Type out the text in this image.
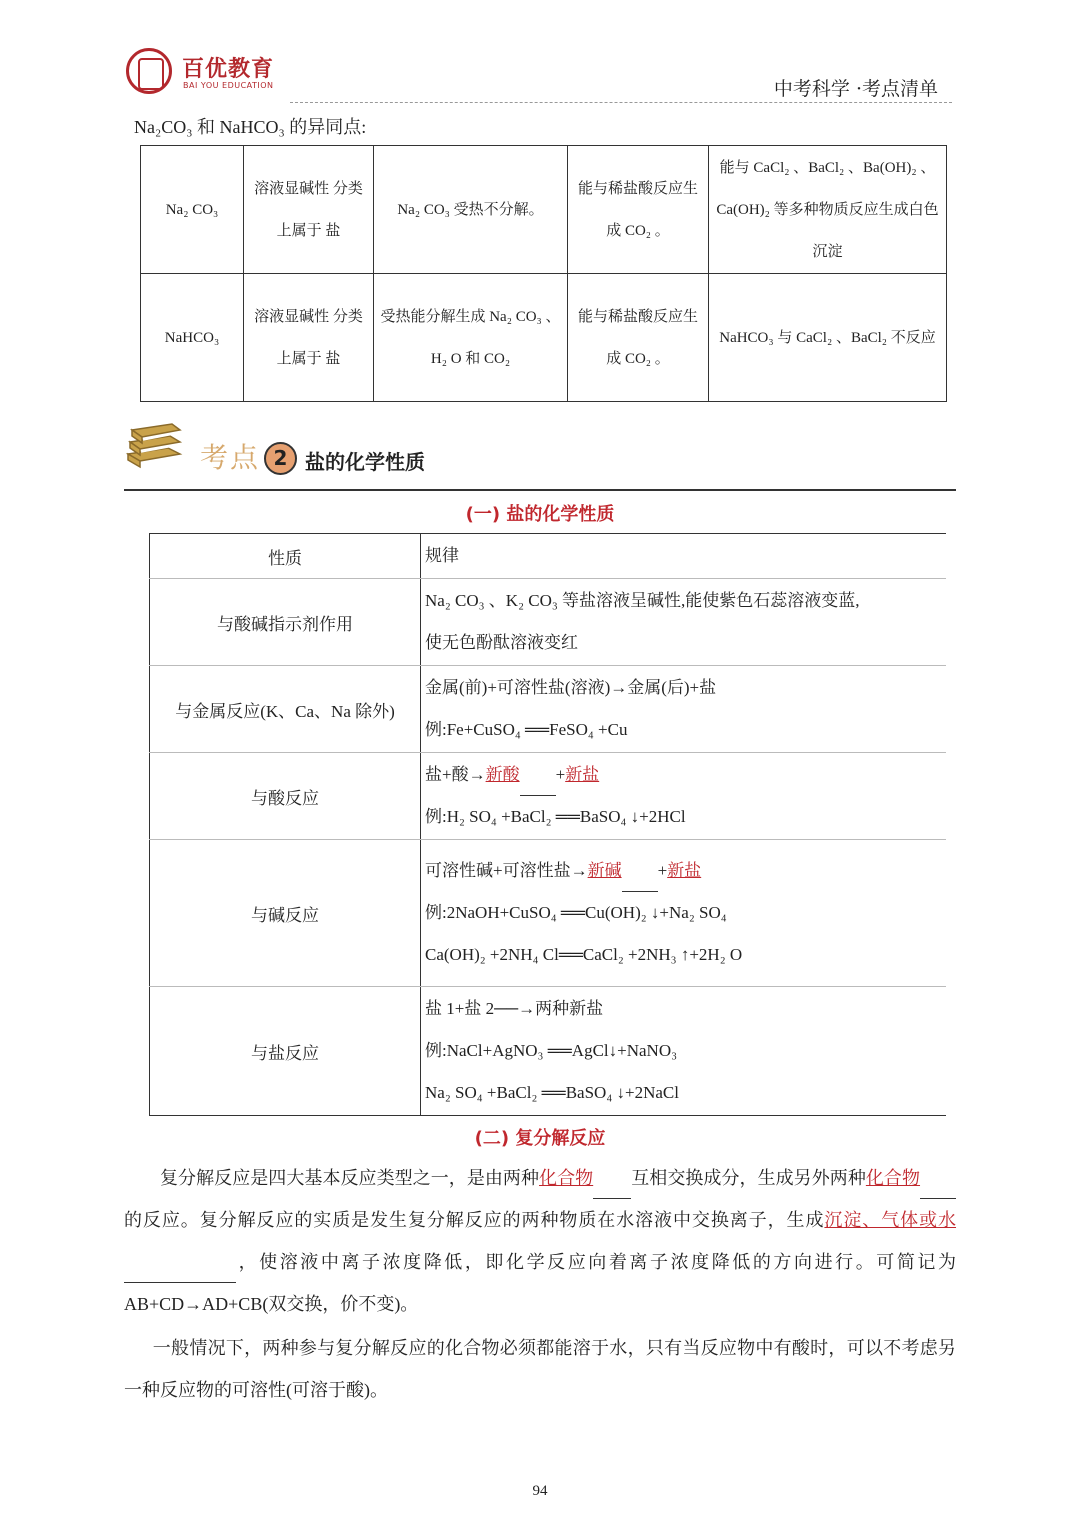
百优教育
BAI YOU EDUCATION	中考科学 ·考点清单
Na₂CO₃ 和 NaHCO₃ 的异同点:
Na₂ CO₃	溶液显碱性 分类上属于 盐	Na₂ CO₃ 受热不分解。	能与稀盐酸反应生成 CO₂ 。	能与 CaCl₂ 、BaCl₂ 、Ba(OH)₂ 、Ca(OH)₂ 等多种物质反应生成白色沉淀
NaHCO₃	溶液显碱性 分类上属于 盐	受热能分解生成 Na₂ CO₃ 、H₂ O 和 CO₂	能与稀盐酸反应生成 CO₂ 。	NaHCO₃ 与 CaCl₂ 、BaCl₂ 不反应
考点 2 盐的化学性质
(一) 盐的化学性质
性质	规律
与酸碱指示剂作用	Na₂ CO₃ 、K₂ CO₃ 等盐溶液呈碱性,能使紫色石蕊溶液变蓝,
使无色酚酞溶液变红

与金属反应(K、Ca、Na 除外)	金属(前)+可溶性盐(溶液)→金属(后)+盐
例:Fe+CuSO₄ ══FeSO₄ +Cu

与酸反应	盐+酸→新酸 +新盐
例:H₂ SO₄ +BaCl₂ ══BaSO₄ ↓+2HCl

与碱反应	可溶性碱+可溶性盐→新碱 +新盐
例:2NaOH+CuSO₄ ══Cu(OH)₂ ↓+Na₂ SO₄
Ca(OH)₂ +2NH₄ Cl══CaCl₂ +2NH₃ ↑+2H₂ O

与盐反应	盐 1+盐 2──→两种新盐
例:NaCl+AgNO₃ ══AgCl↓+NaNO₃
Na₂ SO₄ +BaCl₂ ══BaSO₄ ↓+2NaCl
(二) 复分解反应
复分解反应是四大基本反应类型之一，是由两种化合物 互相交换成分，生成另外两种化合物的反应。复分解反应的实质是发生复分解反应的两种物质在水溶液中交换离子，生成沉淀、气体或水，使溶液中离子浓度降低，即化学反应向着离子浓度降低的方向进行。可简记为 AB+CD→AD+CB(双交换，价不变)。
一般情况下，两种参与复分解反应的化合物必须都能溶于水，只有当反应物中有酸时，可以不考虑另一种反应物的可溶性(可溶于酸)。
94
